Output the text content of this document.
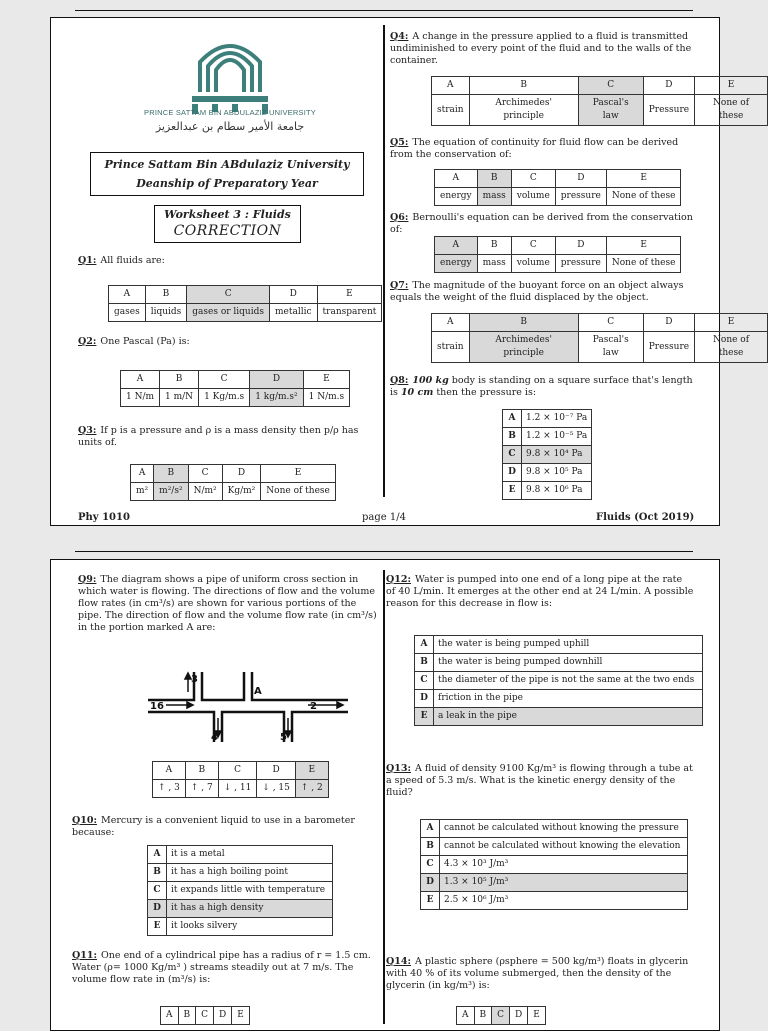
PRINCE SATTAM BIN ABDULAZIZ UNIVERSITY
جامعة الأمير سطام بن عبدالعزيز
Prince Sattam Bin ABdulaziz University
Deanship of Preparatory Year
Worksheet 3 : Fluids
CORRECTION
Q1: All fluids are:
A	B	C	D	E
gases	liquids	gases or liquids	metallic	transparent
Q2: One Pascal (Pa) is:
A	B	C	D	E
1 N/m	1 m/N	1 Kg/m.s	1 kg/m.s²	1 N/m.s
Q3: If p is a pressure and ρ is a mass density then p/ρ has units of.
A	B	C	D	E
m²	m²/s²	N/m²	Kg/m²	None of these
Q4: A change in the pressure applied to a fluid is transmitted undiminished to every point of the fluid and to the walls of the container.
A	B	C	D	E
strain	Archimedes' principle	Pascal's law	Pressure	None of these
Q5: The equation of continuity for fluid flow can be derived from the conservation of:
A	B	C	D	E
energy	mass	volume	pressure	None of these
Q6: Bernoulli's equation can be derived from the conservation of:
A	B	C	D	E
energy	mass	volume	pressure	None of these
Q7: The magnitude of the buoyant force on an object always equals the weight of the fluid displaced by the object.
A	B	C	D	E
strain	Archimedes' principle	Pascal's law	Pressure	None of these
Q8: 100 kg body is standing on a square surface that's length is 10 cm then the pressure is:
A	1.2 × 10⁻⁷ Pa
B	1.2 × 10⁻⁵ Pa
C	9.8 × 10⁴ Pa
D	9.8 × 10⁵ Pa
E	9.8 × 10⁶ Pa
Phy 1010	page 1/4	Fluids (Oct 2019)
Q9: The diagram shows a pipe of uniform cross section in which water is flowing. The directions of flow and the volume flow rates (in cm³/s) are shown for various portions of the pipe. The direction of flow and the volume flow rate (in cm³/s) in the portion marked A are:
3
A
16	2
4	5
A	B	C	D	E
↑ , 3	↑ , 7	↓ , 11	↓ , 15	↑ , 2
Q10: Mercury is a convenient liquid to use in a barometer because:
A	it is a metal
B	it has a high boiling point
C	it expands little with temperature
D	it has a high density
E	it looks silvery
Q11: One end of a cylindrical pipe has a radius of r = 1.5 cm. Water (ρ= 1000 Kg/m³ ) streams steadily out at 7 m/s. The volume flow rate in (m³/s) is:
A	B	C	D	E
Q12: Water is pumped into one end of a long pipe at the rate of 40 L/min. It emerges at the other end at 24 L/min. A possible reason for this decrease in flow is:
A	the water is being pumped uphill
B	the water is being pumped downhill
C	the diameter of the pipe is not the same at the two ends
D	friction in the pipe
E	a leak in the pipe
Q13: A fluid of density 9100 Kg/m³ is flowing through a tube at a speed of 5.3 m/s. What is the kinetic energy density of the fluid?
A	cannot be calculated without knowing the pressure
B	cannot be calculated without knowing the elevation
C	4.3 × 10³ J/m³
D	1.3 × 10⁵ J/m³
E	2.5 × 10⁶ J/m³
Q14: A plastic sphere (ρsphere = 500 kg/m³) floats in glycerin with 40 % of its volume submerged, then the density of the glycerin (in kg/m³) is:
A	B	C	D	E
